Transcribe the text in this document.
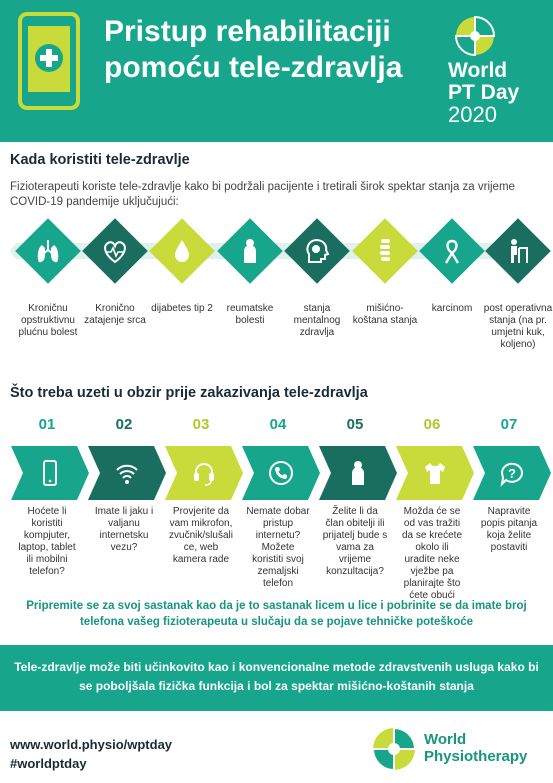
Pristup rehabilitaciji pomoću tele-zdravlja	World
PT Day
2020
Kada koristiti tele-zdravlje
Fizioterapeuti koriste tele-zdravlje kako bi podržali pacijente i tretirali širok spektar stanja za vrijeme COVID-19 pandemije uključujući:
Kroničnu opstruktivnu plućnu bolest
Kronično zatajenje srca
dijabetes tip 2	reumatske bolesti
stanja mentalnog zdravlja
mišićno-koštana stanja
karcinom	post operativna stanja (na pr. umjetni kuk, koljeno)
Što treba uzeti u obzir prije zakazivanja tele-zdravlja
01	02	03	04	05	06	07
?
Hoćete li koristiti kompjuter, laptop, tablet ili mobilni telefon?
Imate li jaku i valjanu internetsku vezu?
Provjerite da vam mikrofon, zvučnik/slušali ce, web kamera rade
Nemate dobar pristup internetu? Možete koristiti svoj zemaljski telefon
Želite li da član obitelji ili prijatelj bude s vama za vrijeme konzultacija?
Možda će se od vas tražiti da se krećete okolo ili uradite neke vježbe pa planirajte što ćete obući
Napravite popis pitanja koja želite postaviti
Pripremite se za svoj sastanak kao da je to sastanak licem u lice i pobrinite se da imate broj telefona vašeg fizioterapeuta u slučaju da se pojave tehničke poteškoće

Tele-zdravlje može biti učinkovito kao i konvencionalne metode zdravstvenih usluga kako bi se poboljšala fizička funkcija i bol za spektar mišićno-koštanih stanja

www.world.physio/wptday
#worldptday
World
Physiotherapy
